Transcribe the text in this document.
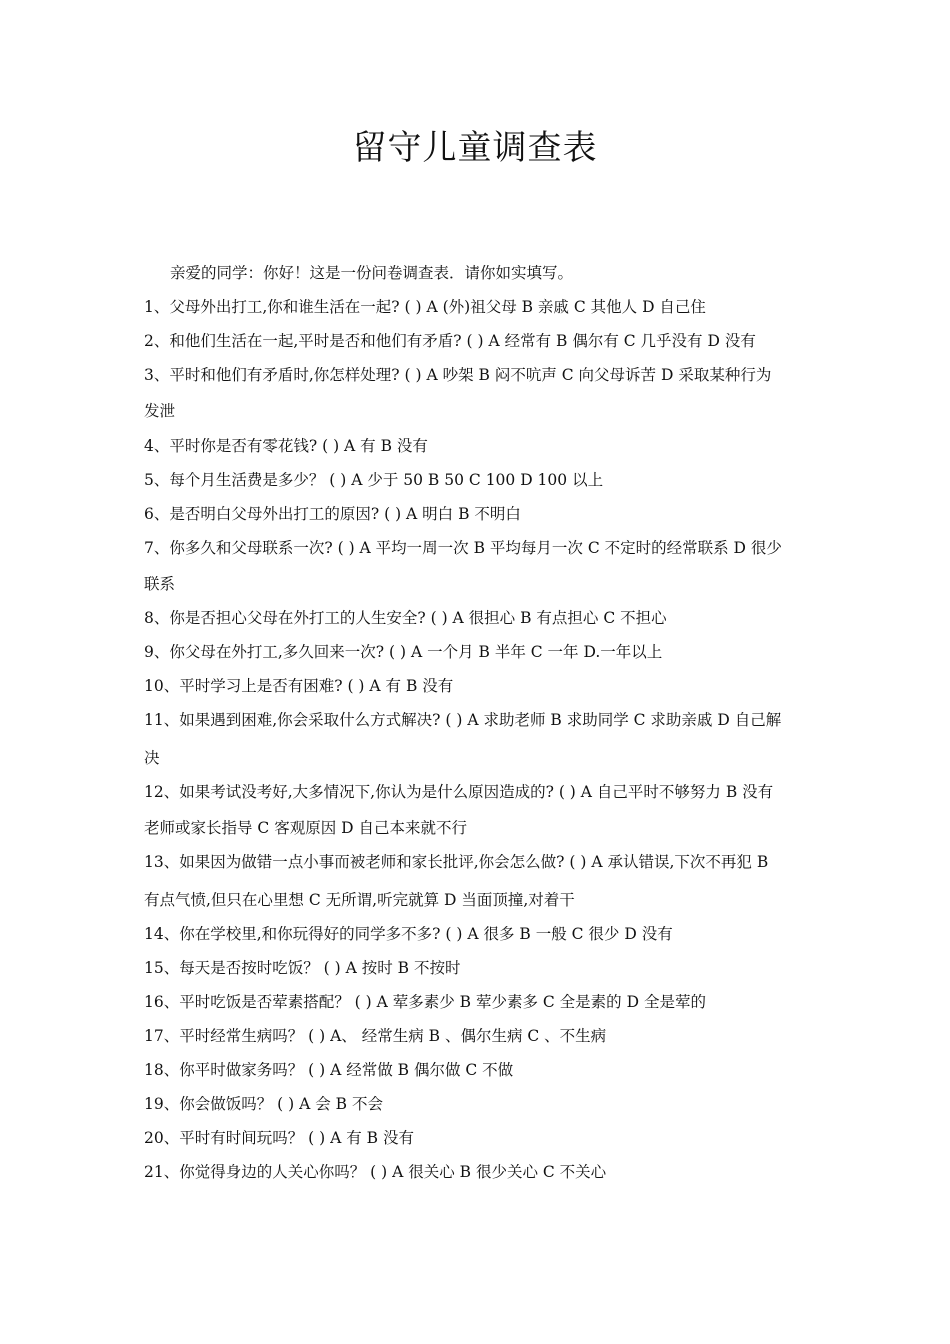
留守儿童调查表

亲爱的同学：你好！这是一份问卷调查表．请你如实填写。

1、父母外出打工,你和谁生活在一起? ( ) A (外)祖父母 B 亲戚 C 其他人 D 自己住

2、和他们生活在一起,平时是否和他们有矛盾? ( ) A 经常有 B 偶尔有 C 几乎没有 D 没有

3、平时和他们有矛盾时,你怎样处理? ( ) A 吵架 B 闷不吭声 C 向父母诉苦 D 采取某种行为

发泄

4、平时你是否有零花钱? ( ) A 有 B 没有

5、每个月生活费是多少？ ( ) A 少于 50 B 50 C 100 D 100 以上

6、是否明白父母外出打工的原因? ( ) A 明白 B 不明白

7、你多久和父母联系一次? ( ) A 平均一周一次 B 平均每月一次 C 不定时的经常联系 D 很少

联系

8、你是否担心父母在外打工的人生安全? ( ) A 很担心 B 有点担心 C 不担心

9、你父母在外打工,多久回来一次? ( ) A 一个月 B 半年 C 一年 D.一年以上

10、平时学习上是否有困难? ( ) A 有 B 没有

11、如果遇到困难,你会采取什么方式解决? ( ) A 求助老师 B 求助同学 C 求助亲戚 D 自己解

决

12、如果考试没考好,大多情况下,你认为是什么原因造成的? ( ) A 自己平时不够努力 B 没有

老师或家长指导 C 客观原因 D 自己本来就不行

13、如果因为做错一点小事而被老师和家长批评,你会怎么做? ( ) A 承认错误,下次不再犯 B

有点气愤,但只在心里想 C 无所谓,听完就算 D 当面顶撞,对着干

14、你在学校里,和你玩得好的同学多不多? ( ) A 很多 B 一般 C 很少 D 没有

15、每天是否按时吃饭？ ( ) A 按时 B 不按时

16、平时吃饭是否荤素搭配？ ( ) A 荤多素少 B 荤少素多 C 全是素的 D 全是荤的

17、平时经常生病吗？ ( ) A、 经常生病 B 、偶尔生病 C 、不生病

18、你平时做家务吗？ ( ) A 经常做 B 偶尔做 C 不做

19、你会做饭吗？ ( ) A 会 B 不会

20、平时有时间玩吗？ ( ) A 有 B 没有

21、你觉得身边的人关心你吗？ ( ) A 很关心 B 很少关心 C 不关心
